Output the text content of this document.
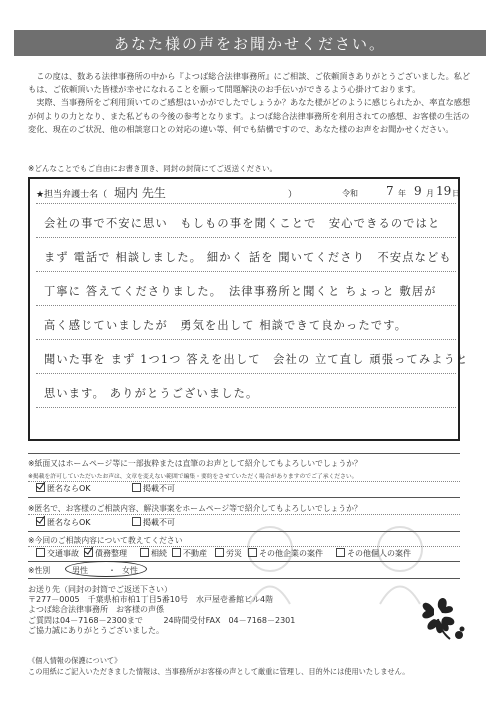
あなた様の声をお聞かせください。

この度は、数ある法律事務所の中から『よつば総合法律事務所』にご相談、ご依頼頂きありがとうございました。私どもは、ご依頼頂いた皆様が幸せになれることを願って問題解決のお手伝いができるよう心掛けております。

実際、当事務所をご利用頂いてのご感想はいかがでしたでしょうか？あなた様がどのように感じられたか、率直な感想が何よりの力となり、また私どもの今後の参考となります。よつば総合法律事務所を利用されての感想、お客様の生活の変化、現在のご状況、他の相談窓口との対応の違い等、何でも結構ですので、あなた様のお声をお聞かせください。

※どんなことでもご自由にお書き頂き、同封の封筒にてご返送ください。
★担当弁護士名（ 堀内 先生	）	令和 7 年 9 月 19 日
会社の事で不安に思い　もしもの事を聞くことで　安心できるのではと
まず 電話で 相談しました。 細かく 話を 聞いてくださり　不安点なども
丁寧に 答えてくださりました。　法律事務所と聞くと ちょっと 敷居が
高く感じていましたが　勇気を出して 相談できて良かったです。
聞いた事を まず 1つ1つ 答えを出して　会社の 立て直し 頑張ってみようと
思います。 ありがとうございました。
※紙面又はホームページ等に一部抜粋または直筆のお声として紹介してもよろしいでしょうか？
※掲載を許可していただいたお声は、文章を変えない範囲で編集・要約をさせていただく場合がありますのでご了承ください。
匿名ならOK	掲載不可
※匿名で、お客様のご相談内容、解決事案をホームページ等で紹介してもよろしいでしょうか？
匿名ならOK	掲載不可
※今回のご相談内容について教えてください
交通事故	債務整理	相続	不動産	労災	その他企業の案件	その他個人の案件
※性別	男性	・ 女性
お送り先（同封の封筒でご返送下さい）
〒277－0005　千葉県柏市柏1丁目5番10号　水戸屋壱番館ビル4階
よつば総合法律事務所　お客様の声係
ご質問は04－7168－2300まで	24時間受付FAX　04－7168－2301
ご協力誠にありがとうございました。
《個人情報の保護について》
この用紙にご記入いただきました情報は、当事務所がお客様の声として厳重に管理し、目的外には使用いたしません。
